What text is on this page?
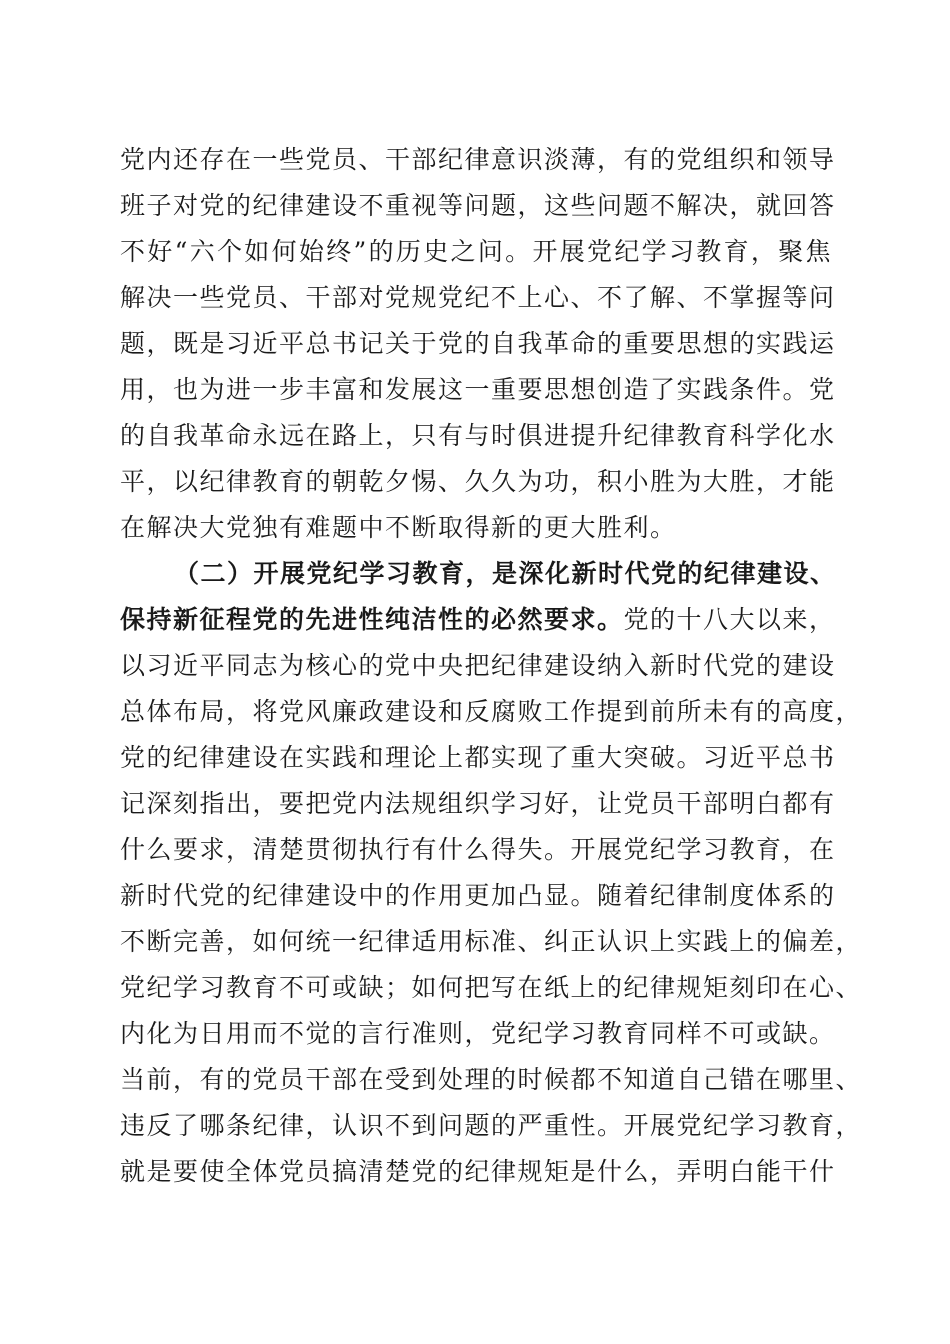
党内还存在一些党员、干部纪律意识淡薄，有的党组织和领导
班子对党的纪律建设不重视等问题，这些问题不解决，就回答
不好“六个如何始终”的历史之问。开展党纪学习教育，聚焦
解决一些党员、干部对党规党纪不上心、不了解、不掌握等问
题，既是习近平总书记关于党的自我革命的重要思想的实践运
用，也为进一步丰富和发展这一重要思想创造了实践条件。党
的自我革命永远在路上，只有与时俱进提升纪律教育科学化水
平，以纪律教育的朝乾夕惕、久久为功，积小胜为大胜，才能
在解决大党独有难题中不断取得新的更大胜利。
（二）开展党纪学习教育，是深化新时代党的纪律建设、
保持新征程党的先进性纯洁性的必然要求。党的十八大以来，
以习近平同志为核心的党中央把纪律建设纳入新时代党的建设
总体布局，将党风廉政建设和反腐败工作提到前所未有的高度，
党的纪律建设在实践和理论上都实现了重大突破。习近平总书
记深刻指出，要把党内法规组织学习好，让党员干部明白都有
什么要求，清楚贯彻执行有什么得失。开展党纪学习教育，在
新时代党的纪律建设中的作用更加凸显。随着纪律制度体系的
不断完善，如何统一纪律适用标准、纠正认识上实践上的偏差，
党纪学习教育不可或缺；如何把写在纸上的纪律规矩刻印在心、
内化为日用而不觉的言行准则，党纪学习教育同样不可或缺。
当前，有的党员干部在受到处理的时候都不知道自己错在哪里、
违反了哪条纪律，认识不到问题的严重性。开展党纪学习教育，
就是要使全体党员搞清楚党的纪律规矩是什么，弄明白能干什
